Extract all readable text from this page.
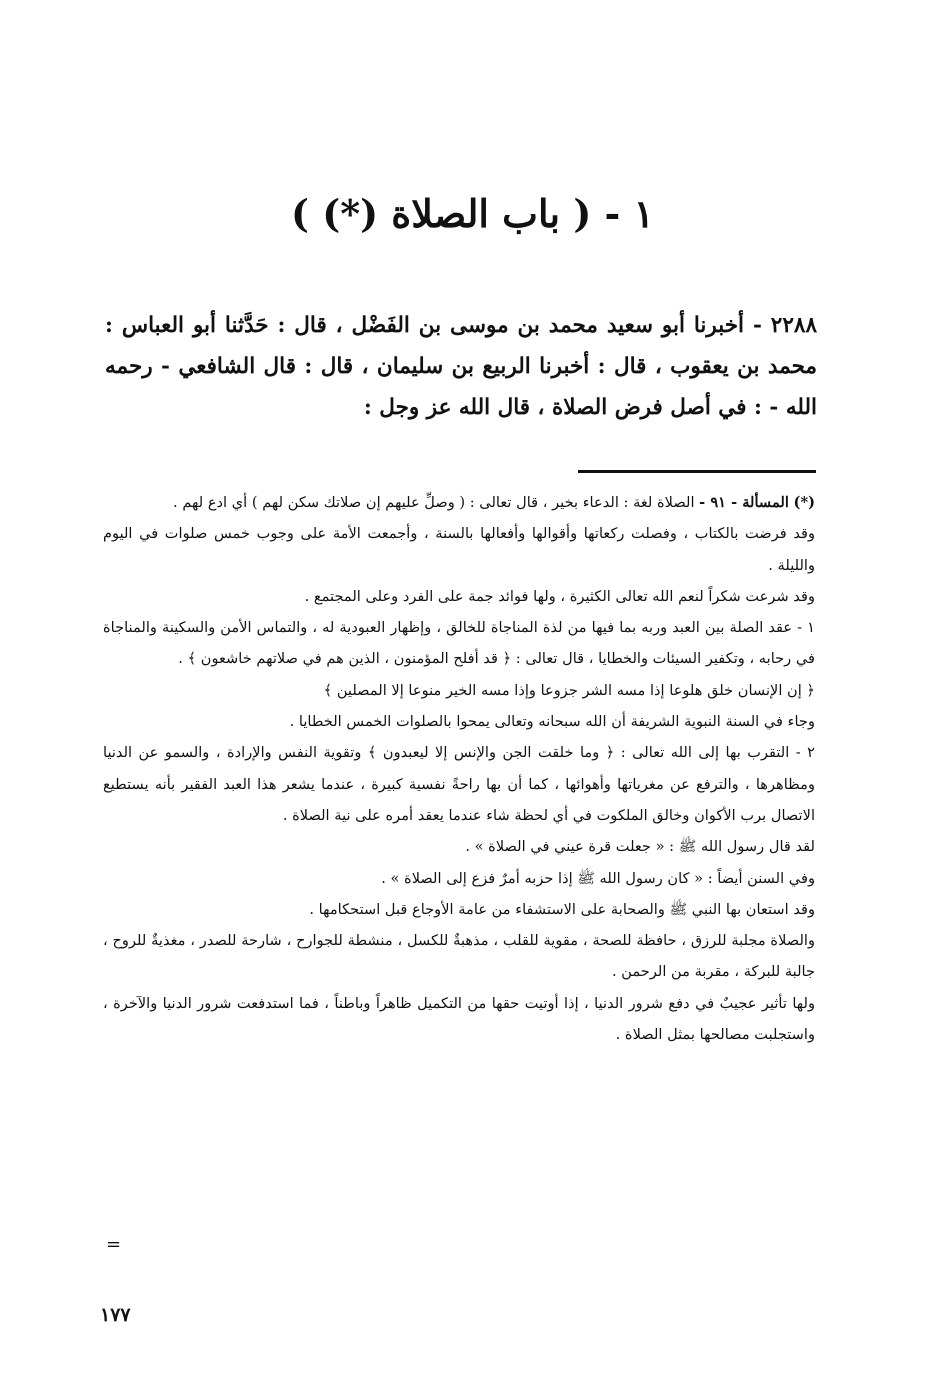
١ - ( باب الصلاة (*) )
٢٢٨٨ - أخبرنا أبو سعيد محمد بن موسى بن الفَضْل ، قال : حَدَّثنا أبو العباس : محمد بن يعقوب ، قال : أخبرنا الربيع بن سليمان ، قال : قال الشافعي - رحمه الله - : في أصل فرض الصلاة ، قال الله عز وجل :

(*) المسألة - ٩١ - الصلاة لغة : الدعاء بخير ، قال تعالى : ( وصلِّ عليهم إن صلاتك سكن لهم ) أي ادع لهم .

وقد فرضت بالكتاب ، وفصلت ركعاتها وأقوالها وأفعالها بالسنة ، وأجمعت الأمة على وجوب خمس صلوات في اليوم والليلة .

وقد شرعت شكراً لنعم الله تعالى الكثيرة ، ولها فوائد جمة على الفرد وعلى المجتمع .

١ - عقد الصلة بين العبد وربه بما فيها من لذة المناجاة للخالق ، وإظهار العبودية له ، والتماس الأمن والسكينة والمناجاة في رحابه ، وتكفير السيئات والخطايا ، قال تعالى : ﴿ قد أفلح المؤمنون ، الذين هم في صلاتهم خاشعون ﴾ .

﴿ إن الإنسان خلق هلوعا إذا مسه الشر جزوعا وإذا مسه الخير منوعا إلا المصلين ﴾

وجاء في السنة النبوية الشريفة أن الله سبحانه وتعالى يمحوا بالصلوات الخمس الخطايا .

٢ - التقرب بها إلى الله تعالى : ﴿ وما خلقت الجن والإنس إلا ليعبدون ﴾ وتقوية النفس والإرادة ، والسمو عن الدنيا ومظاهرها ، والترفع عن مغرياتها وأهوائها ، كما أن بها راحةً نفسية كبيرة ، عندما يشعر هذا العبد الفقير بأنه يستطيع الاتصال برب الأكوان وخالق الملكوت في أي لحظة شاء عندما يعقد أمره على نية الصلاة .

لقد قال رسول الله ﷺ : « جعلت قرة عيني في الصلاة » .

وفي السنن أيضاً : « كان رسول الله ﷺ إذا حزبه أمرٌ فزع إلى الصلاة » .

وقد استعان بها النبي ﷺ والصحابة على الاستشفاء من عامة الأوجاع قبل استحكامها .

والصلاة مجلبة للرزق ، حافظة للصحة ، مقوية للقلب ، مذهبةٌ للكسل ، منشطة للجوارح ، شارحة للصدر ، مغذيةٌ للروح ، جالبة للبركة ، مقربة من الرحمن .

ولها تأثير عجيبٌ في دفع شرور الدنيا ، إذا أوتيت حقها من التكميل ظاهراً وباطناً ، فما استدفعت شرور الدنيا والآخرة ، واستجلبت مصالحها بمثل الصلاة .

=
١٧٧
